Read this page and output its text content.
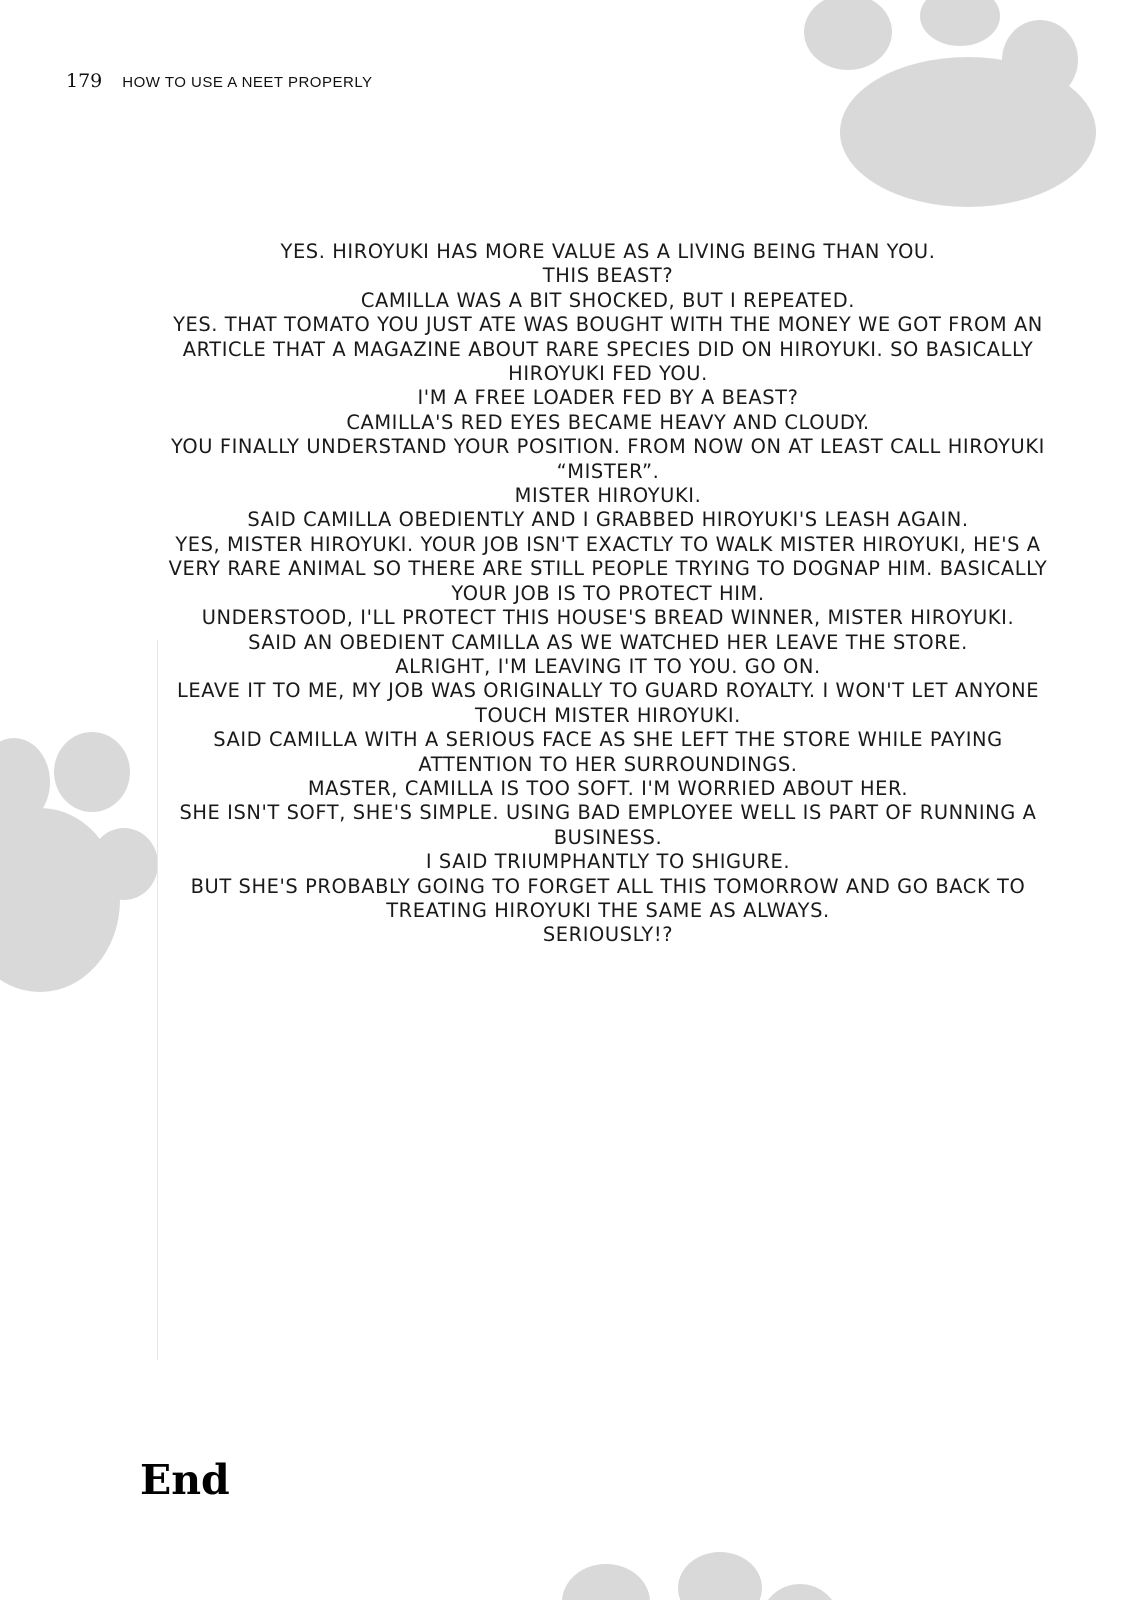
179 HOW TO USE A NEET PROPERLY

YES. HIROYUKI HAS MORE VALUE AS A LIVING BEING THAN YOU.

THIS BEAST?

CAMILLA WAS A BIT SHOCKED, BUT I REPEATED.

YES. THAT TOMATO YOU JUST ATE WAS BOUGHT WITH THE MONEY WE GOT FROM AN ARTICLE THAT A MAGAZINE ABOUT RARE SPECIES DID ON HIROYUKI. SO BASICALLY HIROYUKI FED YOU.

I'M A FREE LOADER FED BY A BEAST?

CAMILLA'S RED EYES BECAME HEAVY AND CLOUDY.

YOU FINALLY UNDERSTAND YOUR POSITION. FROM NOW ON AT LEAST CALL HIROYUKI “MISTER”.

MISTER HIROYUKI.

SAID CAMILLA OBEDIENTLY AND I GRABBED HIROYUKI'S LEASH AGAIN.

YES, MISTER HIROYUKI. YOUR JOB ISN'T EXACTLY TO WALK MISTER HIROYUKI, HE'S A VERY RARE ANIMAL SO THERE ARE STILL PEOPLE TRYING TO DOGNAP HIM. BASICALLY YOUR JOB IS TO PROTECT HIM.

UNDERSTOOD, I'LL PROTECT THIS HOUSE'S BREAD WINNER, MISTER HIROYUKI.

SAID AN OBEDIENT CAMILLA AS WE WATCHED HER LEAVE THE STORE.

ALRIGHT, I'M LEAVING IT TO YOU. GO ON.

LEAVE IT TO ME, MY JOB WAS ORIGINALLY TO GUARD ROYALTY. I WON'T LET ANYONE TOUCH MISTER HIROYUKI.

SAID CAMILLA WITH A SERIOUS FACE AS SHE LEFT THE STORE WHILE PAYING ATTENTION TO HER SURROUNDINGS.

MASTER, CAMILLA IS TOO SOFT. I'M WORRIED ABOUT HER.

SHE ISN'T SOFT, SHE'S SIMPLE. USING BAD EMPLOYEE WELL IS PART OF RUNNING A BUSINESS.

I SAID TRIUMPHANTLY TO SHIGURE.

BUT SHE'S PROBABLY GOING TO FORGET ALL THIS TOMORROW AND GO BACK TO TREATING HIROYUKI THE SAME AS ALWAYS.

SERIOUSLY!?

End
